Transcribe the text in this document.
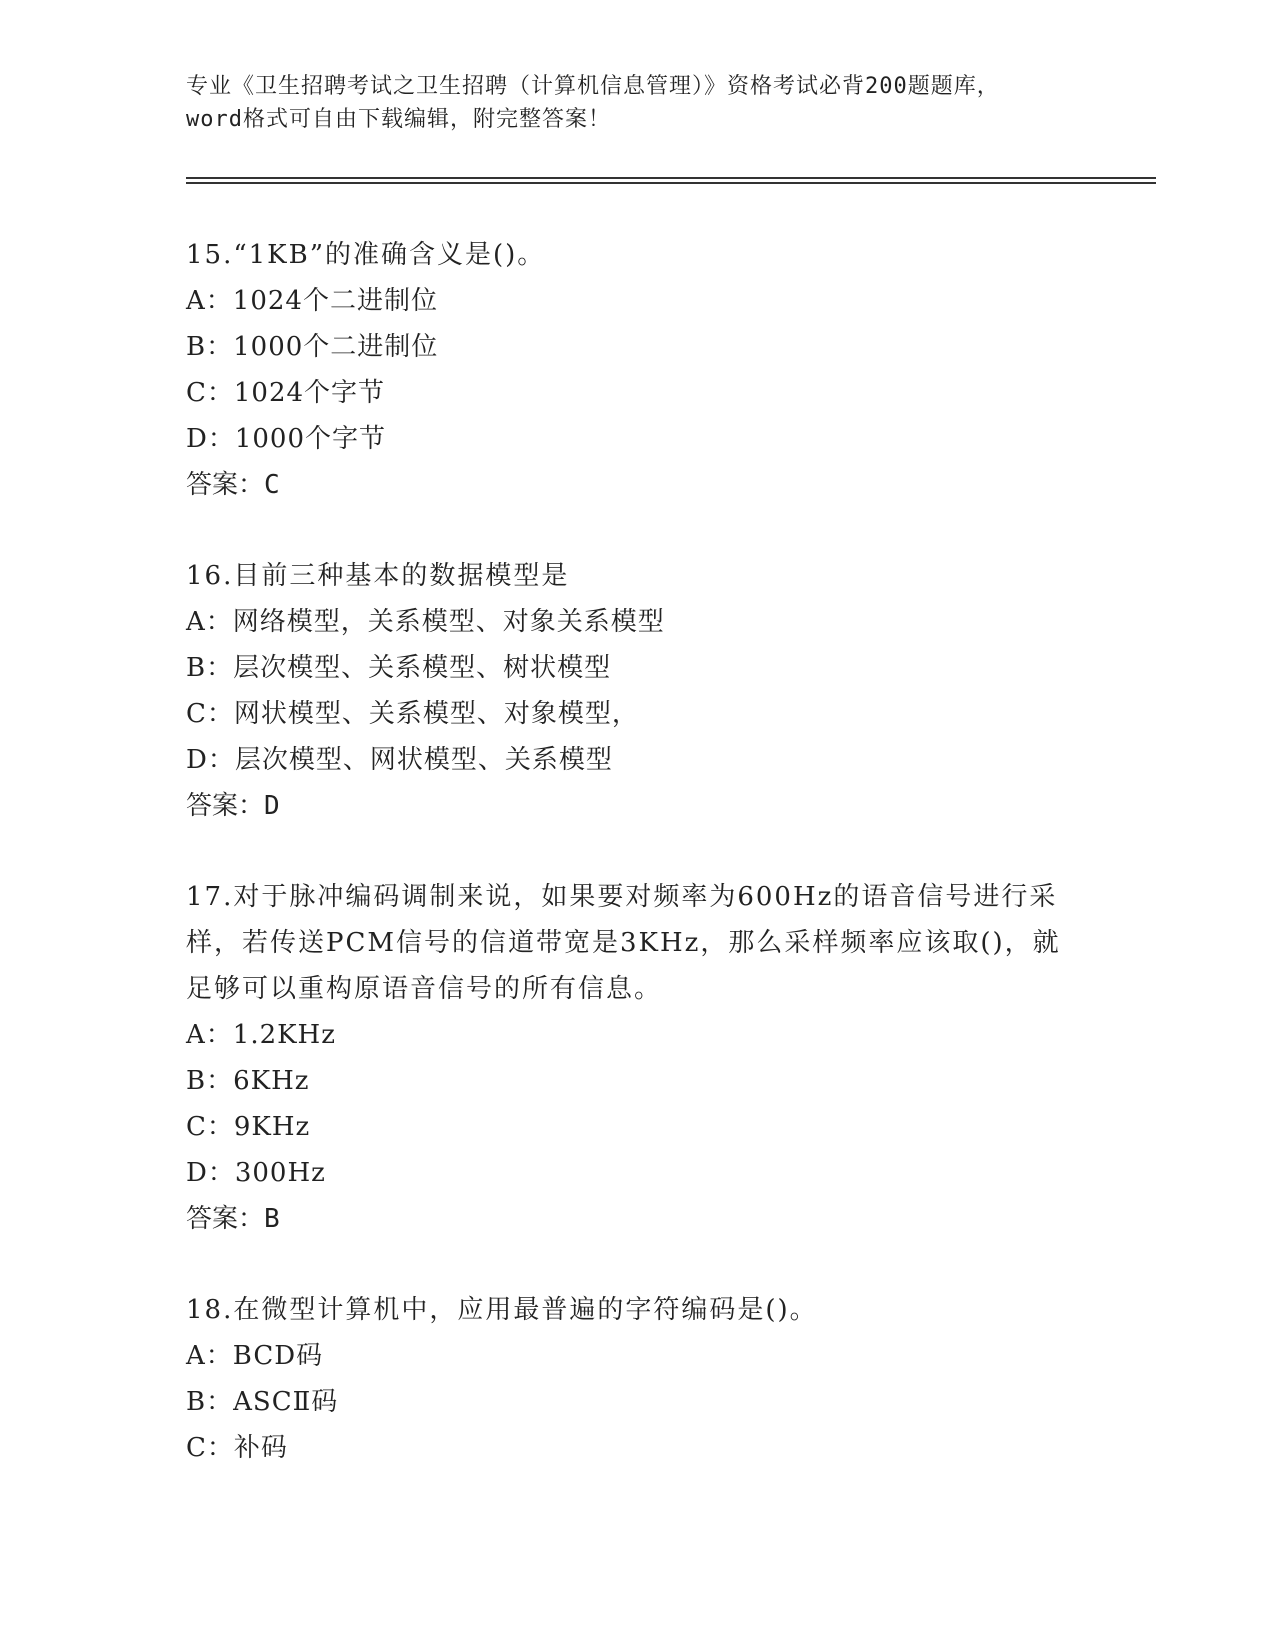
专业《卫生招聘考试之卫生招聘（计算机信息管理）》资格考试必背200题题库，
word格式可自由下载编辑，附完整答案！
15.“1KB”的准确含义是()。
A：1024个二进制位
B：1000个二进制位
C：1024个字节
D：1000个字节
答案：C
16.目前三种基本的数据模型是
A：网络模型，关系模型、对象关系模型
B：层次模型、关系模型、树状模型
C：网状模型、关系模型、对象模型，
D：层次模型、网状模型、关系模型
答案：D
17.对于脉冲编码调制来说，如果要对频率为600Hz的语音信号进行采样，若传送PCM信号的信道带宽是3KHz，那么采样频率应该取()，就足够可以重构原语音信号的所有信息。
A：1.2KHz
B：6KHz
C：9KHz
D：300Hz
答案：B
18.在微型计算机中，应用最普遍的字符编码是()。
A：BCD码
B：ASCⅡ码
C：补码
